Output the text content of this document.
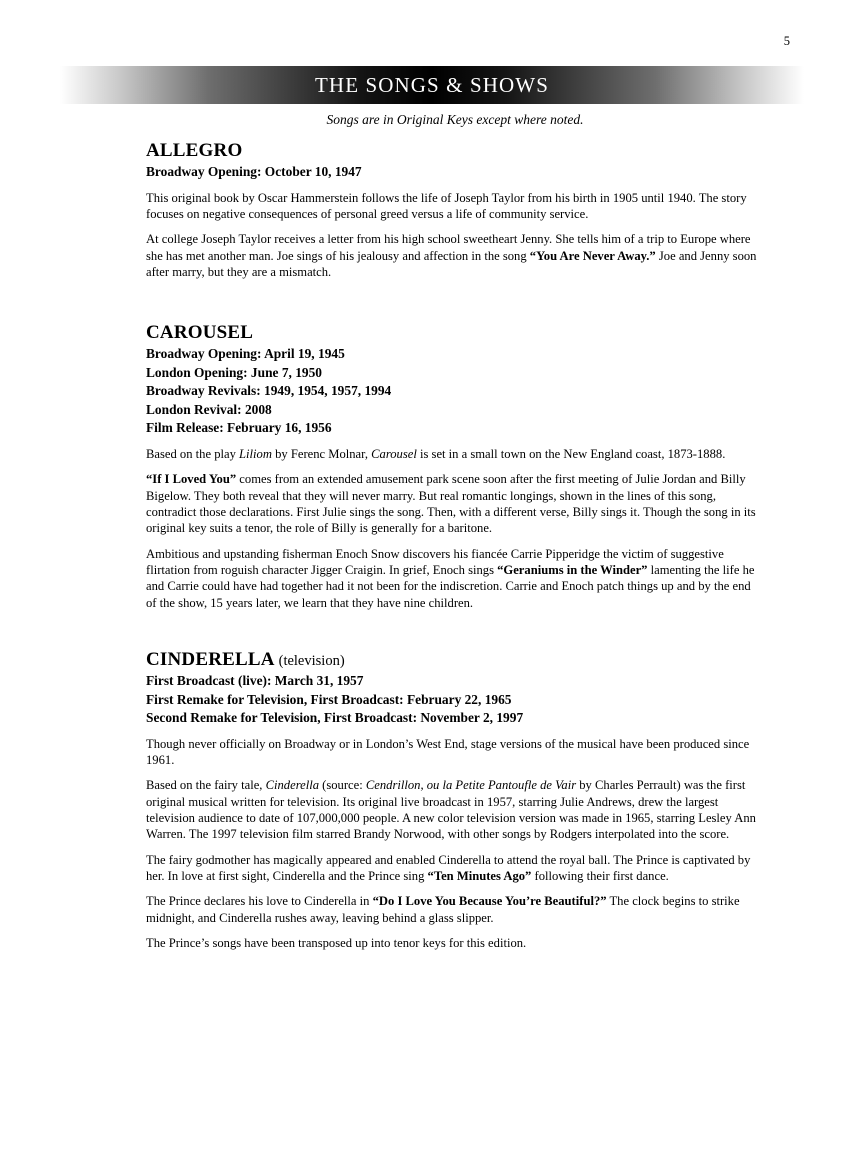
5
THE SONGS & SHOWS
Songs are in Original Keys except where noted.
ALLEGRO
Broadway Opening: October 10, 1947

This original book by Oscar Hammerstein follows the life of Joseph Taylor from his birth in 1905 until 1940. The story focuses on negative consequences of personal greed versus a life of community service.

At college Joseph Taylor receives a letter from his high school sweetheart Jenny. She tells him of a trip to Europe where she has met another man. Joe sings of his jealousy and affection in the song “You Are Never Away.” Joe and Jenny soon after marry, but they are a mismatch.

CAROUSEL
Broadway Opening: April 19, 1945
London Opening: June 7, 1950
Broadway Revivals: 1949, 1954, 1957, 1994
London Revival: 2008
Film Release: February 16, 1956

Based on the play Liliom by Ferenc Molnar, Carousel is set in a small town on the New England coast, 1873-1888.

“If I Loved You” comes from an extended amusement park scene soon after the first meeting of Julie Jordan and Billy Bigelow. They both reveal that they will never marry. But real romantic longings, shown in the lines of this song, contradict those declarations. First Julie sings the song. Then, with a different verse, Billy sings it. Though the song in its original key suits a tenor, the role of Billy is generally for a baritone.

Ambitious and upstanding fisherman Enoch Snow discovers his fiancée Carrie Pipperidge the victim of suggestive flirtation from roguish character Jigger Craigin. In grief, Enoch sings “Geraniums in the Winder” lamenting the life he and Carrie could have had together had it not been for the indiscretion. Carrie and Enoch patch things up and by the end of the show, 15 years later, we learn that they have nine children.

CINDERELLA (television)
First Broadcast (live): March 31, 1957
First Remake for Television, First Broadcast: February 22, 1965
Second Remake for Television, First Broadcast: November 2, 1997

Though never officially on Broadway or in London’s West End, stage versions of the musical have been produced since 1961.

Based on the fairy tale, Cinderella (source: Cendrillon, ou la Petite Pantoufle de Vair by Charles Perrault) was the first original musical written for television. Its original live broadcast in 1957, starring Julie Andrews, drew the largest television audience to date of 107,000,000 people. A new color television version was made in 1965, starring Lesley Ann Warren. The 1997 television film starred Brandy Norwood, with other songs by Rodgers interpolated into the score.

The fairy godmother has magically appeared and enabled Cinderella to attend the royal ball. The Prince is captivated by her. In love at first sight, Cinderella and the Prince sing “Ten Minutes Ago” following their first dance.

The Prince declares his love to Cinderella in “Do I Love You Because You’re Beautiful?” The clock begins to strike midnight, and Cinderella rushes away, leaving behind a glass slipper.

The Prince’s songs have been transposed up into tenor keys for this edition.
